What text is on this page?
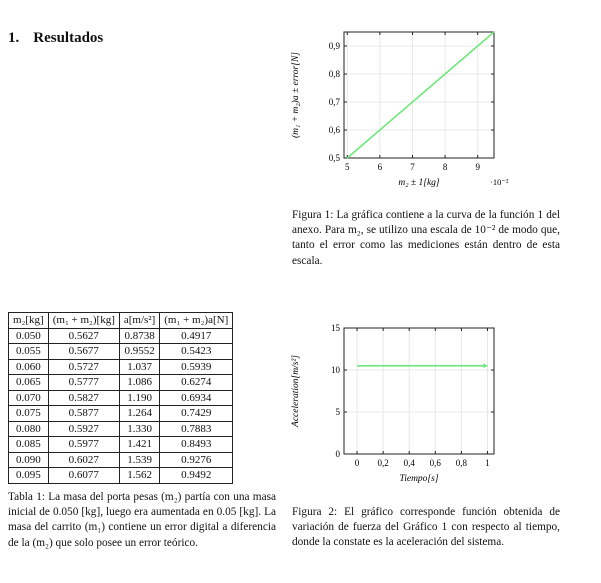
1. Resultados
5	6	7	8	9
0,5
0,6
0,7
0,8
0,9
m₂ ± 1[kg]
(m₁ + m₂)a ± error[N]
·10⁻²
0 0,2 0,4 0,6 0,8 1
0
5
10
15
Tiempo[s]
Acceleration[m/s²]
Figura 1: La gráfica contiene a la curva de la función 1 del anexo. Para m₂, se utilizo una escala de 10⁻² de modo que, tanto el error como las mediciones están dentro de esta escala.
Figura 2: El gráfico corresponde función obtenida de variación de fuerza del Gráfico 1 con respecto al tiempo, donde la constate es la aceleración del sistema.
m₂[kg]	(m₁ + m₂)[kg]	a[m/s²]	(m₁ + m₂)a[N]
0.050	0.5627	0.8738	0.4917
0.055	0.5677	0.9552	0.5423
0.060	0.5727	1.037	0.5939
0.065	0.5777	1.086	0.6274
0.070	0.5827	1.190	0.6934
0.075	0.5877	1.264	0.7429
0.080	0.5927	1.330	0.7883
0.085	0.5977	1.421	0.8493
0.090	0.6027	1.539	0.9276
0.095	0.6077	1.562	0.9492
Tabla 1: La masa del porta pesas (m₂) partía con una masa inicial de 0.050 [kg], luego era aumentada en 0.05 [kg]. La masa del carrito (m₁) contiene un error digital a diferencia de la (m₂) que solo posee un error teórico.
